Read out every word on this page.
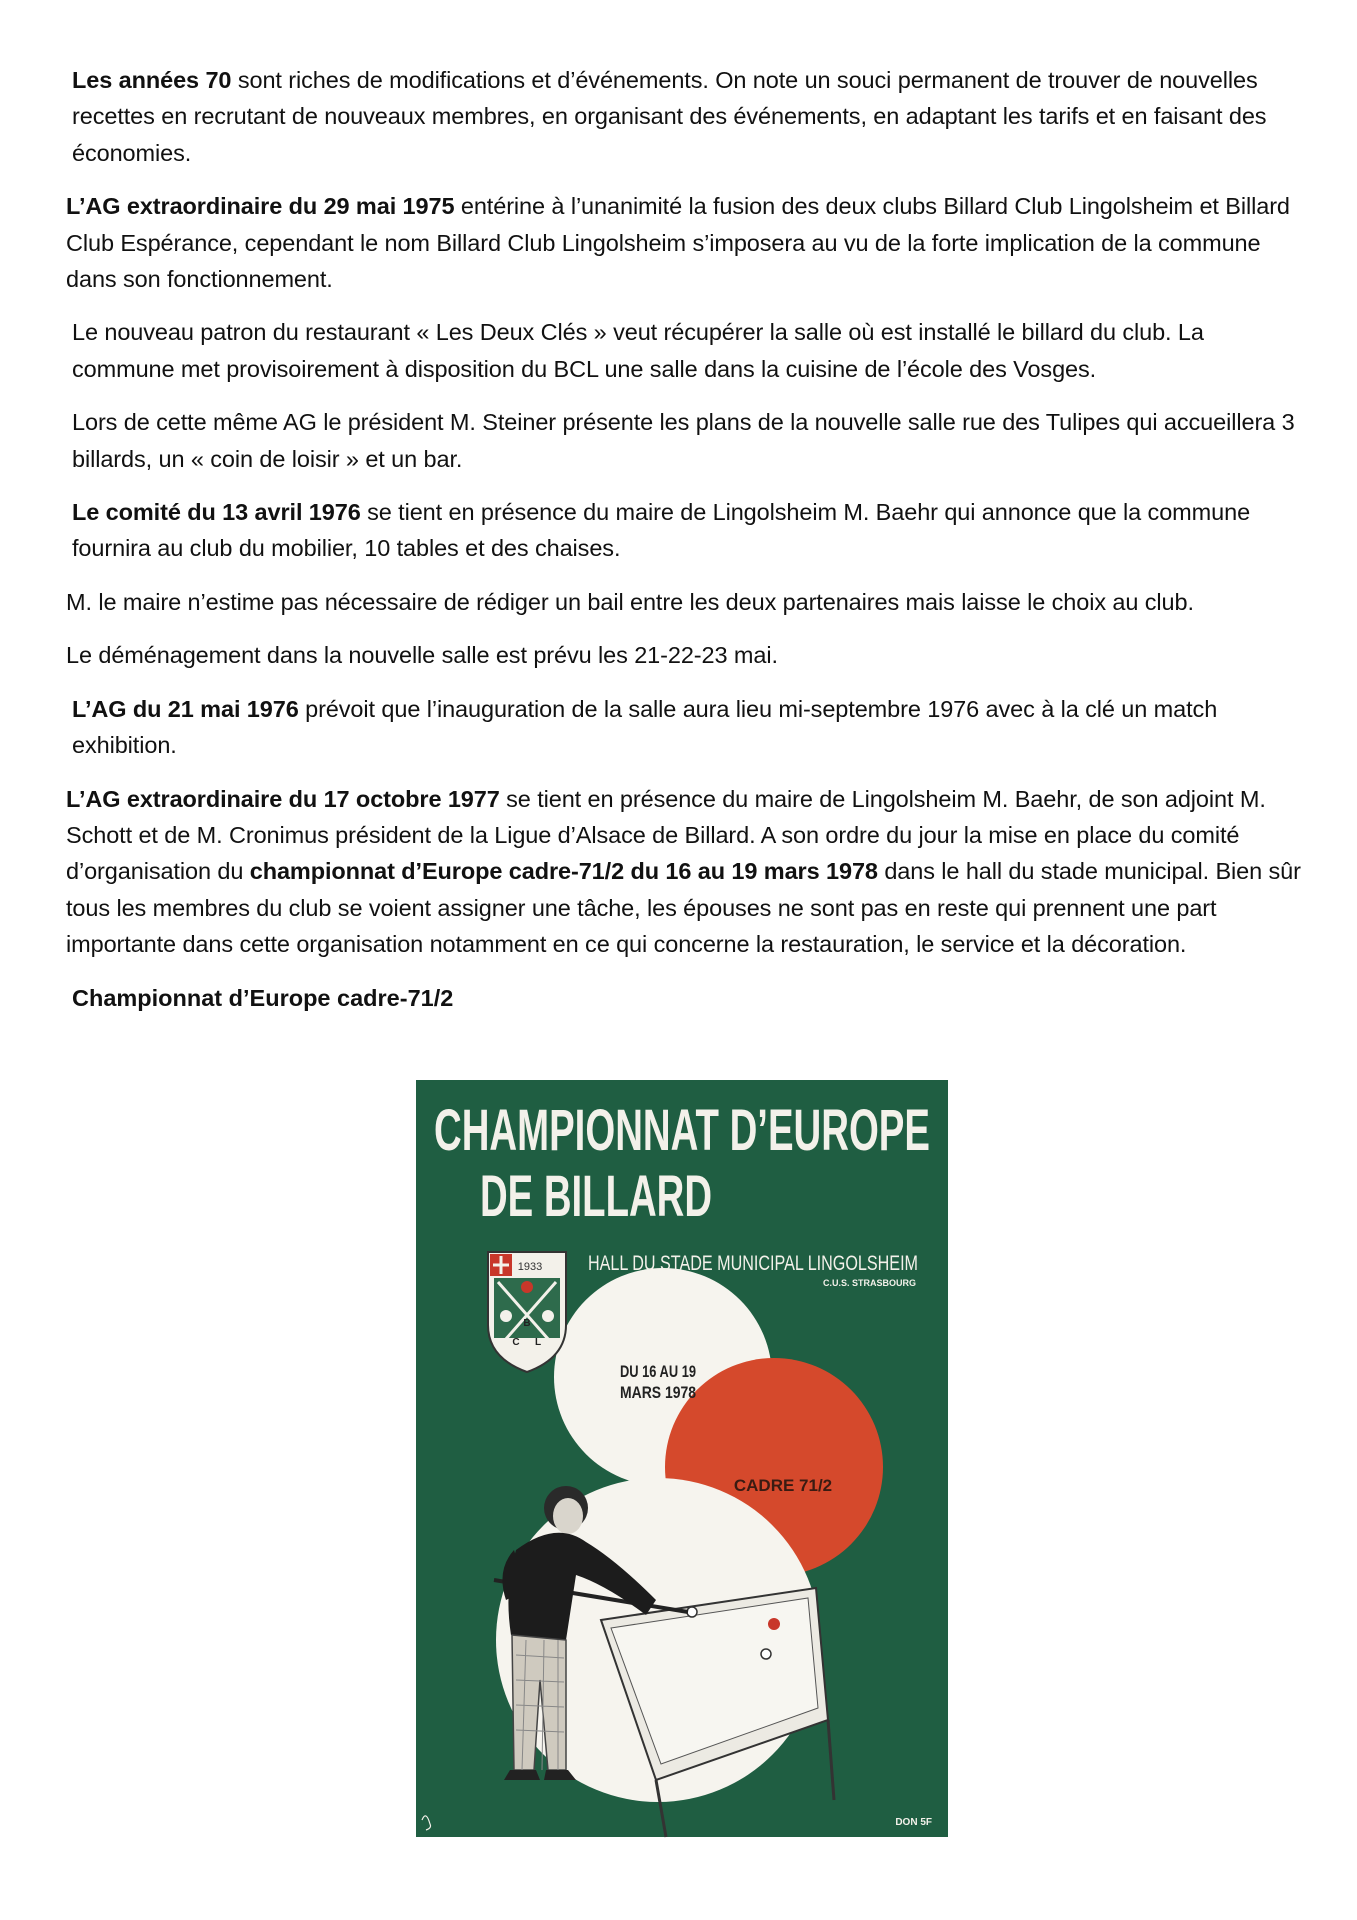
Les années 70 sont riches de modifications et d’événements. On note un souci permanent de trouver de nouvelles recettes en recrutant de nouveaux membres, en organisant des événements, en adaptant les tarifs et en faisant des économies.

L’AG extraordinaire du 29 mai 1975 entérine à l’unanimité la fusion des deux clubs Billard Club Lingolsheim et Billard Club Espérance, cependant le nom Billard Club Lingolsheim s’imposera au vu de la forte implication de la commune dans son fonctionnement.

Le nouveau patron du restaurant « Les Deux Clés » veut récupérer la salle où est installé le billard du club. La commune met provisoirement à disposition du BCL une salle dans la cuisine de l’école des Vosges.

Lors de cette même AG le président M. Steiner présente les plans de la nouvelle salle rue des Tulipes qui accueillera 3 billards, un « coin de loisir » et un bar.

Le comité du 13 avril 1976 se tient en présence du maire de Lingolsheim M. Baehr qui annonce que la commune fournira au club du mobilier, 10 tables et des chaises.

M. le maire n’estime pas nécessaire de rédiger un bail entre les deux partenaires mais laisse le choix au club.

Le déménagement dans la nouvelle salle est prévu les 21-22-23 mai.

L’AG du 21 mai 1976 prévoit que l’inauguration de la salle aura lieu mi-septembre 1976 avec à la clé un match exhibition.

L’AG extraordinaire du 17 octobre 1977 se tient en présence du maire de Lingolsheim M. Baehr, de son adjoint M. Schott et de M. Cronimus président de la Ligue d’Alsace de Billard. A son ordre du jour la mise en place du comité d’organisation du championnat d’Europe cadre-71/2 du 16 au 19 mars 1978 dans le hall du stade municipal. Bien sûr tous les membres du club se voient assigner une tâche, les épouses ne sont pas en reste qui prennent une part importante dans cette organisation notamment en ce qui concerne la restauration, le service et la décoration.

Championnat d’Europe cadre-71/2

CHAMPIONNAT D’EUROPE
DE BILLARD
1933
B
C L
HALL DU STADE MUNICIPAL LINGOLSHEIM
C.U.S. STRASBOURG
DU 16 AU 19
MARS 1978
CADRE 71/2
DON 5F
